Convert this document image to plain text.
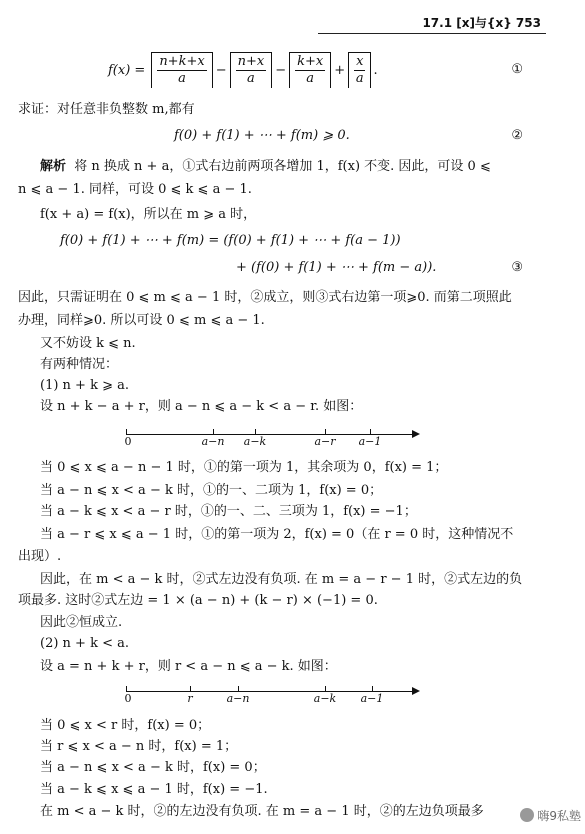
17.1 [x]与{x} 753
$f(x) = \frac{n+k+x}{a} - \frac{n+x}{a} - \frac{k+x}{a} + \frac{x}{a}$ .	①
求证：对任意非负整数 m,都有
f(0) + f(1) + ⋯ + f(m) ⩾ 0.	②
解析 将 n 换成 n + a，①式右边前两项各增加 1，f(x) 不变. 因此，可设 0 ⩽
n ⩽ a − 1. 同样，可设 0 ⩽ k ⩽ a − 1.
f(x + a) = f(x)，所以在 m ⩾ a 时，
f(0) + f(1) + ⋯ + f(m) = (f(0) + f(1) + ⋯ + f(a − 1))
+ (f(0) + f(1) + ⋯ + f(m − a)).	③
因此，只需证明在 0 ⩽ m ⩽ a − 1 时，②成立，则③式右边第一项⩾0. 而第二项照此
办理，同样⩾0. 所以可设 0 ⩽ m ⩽ a − 1.
又不妨设 k ⩽ n.
有两种情况：
(1) n + k ⩾ a.
设 n + k − a + r，则 a − n ⩽ a − k < a − r. 如图：
0	a−n a−k	a−r a−1
当 0 ⩽ x ⩽ a − n − 1 时，①的第一项为 1，其余项为 0，f(x) = 1；
当 a − n ⩽ x < a − k 时，①的一、二项为 1，f(x) = 0；
当 a − k ⩽ x < a − r 时，①的一、二、三项为 1，f(x) = −1；
当 a − r ⩽ x ⩽ a − 1 时，①的第一项为 2，f(x) = 0（在 r = 0 时，这种情况不
出现）.
因此，在 m < a − k 时，②式左边没有负项. 在 m = a − r − 1 时，②式左边的负
项最多. 这时②式左边 = 1 × (a − n) + (k − r) × (−1) = 0.
因此②恒成立.
(2) n + k < a.
设 a = n + k + r，则 r < a − n ⩽ a − k. 如图：
0	r	a−n	a−k a−1
当 0 ⩽ x < r 时，f(x) = 0；
当 r ⩽ x < a − n 时，f(x) = 1；
当 a − n ⩽ x < a − k 时，f(x) = 0；
当 a − k ⩽ x ⩽ a − 1 时，f(x) = −1.
在 m < a − k 时，②的左边没有负项. 在 m = a − 1 时，②的左边负项最多	嗨9私塾
